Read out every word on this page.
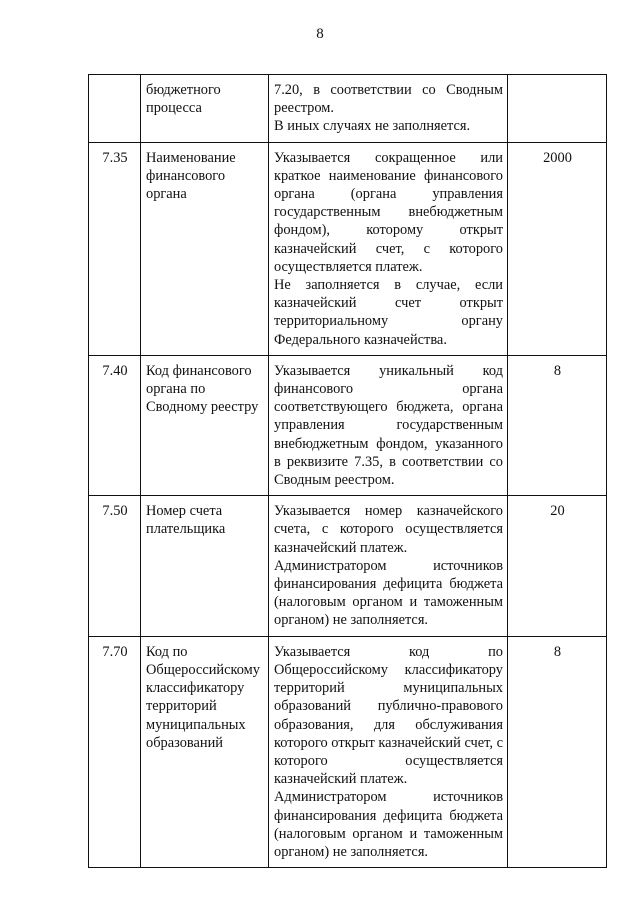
8
	бюджетного процесса	7.20, в соответствии со Сводным реестром.
В иных случаях не заполняется.	

7.35	Наименование финансового органа	Указывается сокращенное или краткое наименование финансового органа (органа управления государственным внебюджетным фондом), которому открыт казначейский счет, с которого осуществляется платеж.
Не заполняется в случае, если казначейский счет открыт территориальному органу Федерального казначейства.	2000
7.40	Код финансового органа по Сводному реестру	Указывается уникальный код финансового органа соответствующего бюджета, органа управления государственным внебюджетным фондом, указанного в реквизите 7.35, в соответствии со Сводным реестром.	8
7.50	Номер счета плательщика	Указывается номер казначейского счета, с которого осуществляется казначейский платеж.
Администратором источников финансирования дефицита бюджета (налоговым органом и таможенным органом) не заполняется.	20
7.70	Код по Общероссийскому классификатору территорий муниципальных образований	Указывается код по Общероссийскому классификатору территорий муниципальных образований публично-правового образования, для обслуживания которого открыт казначейский счет, с которого осуществляется казначейский платеж.
Администратором источников финансирования дефицита бюджета (налоговым органом и таможенным органом) не заполняется.	8
